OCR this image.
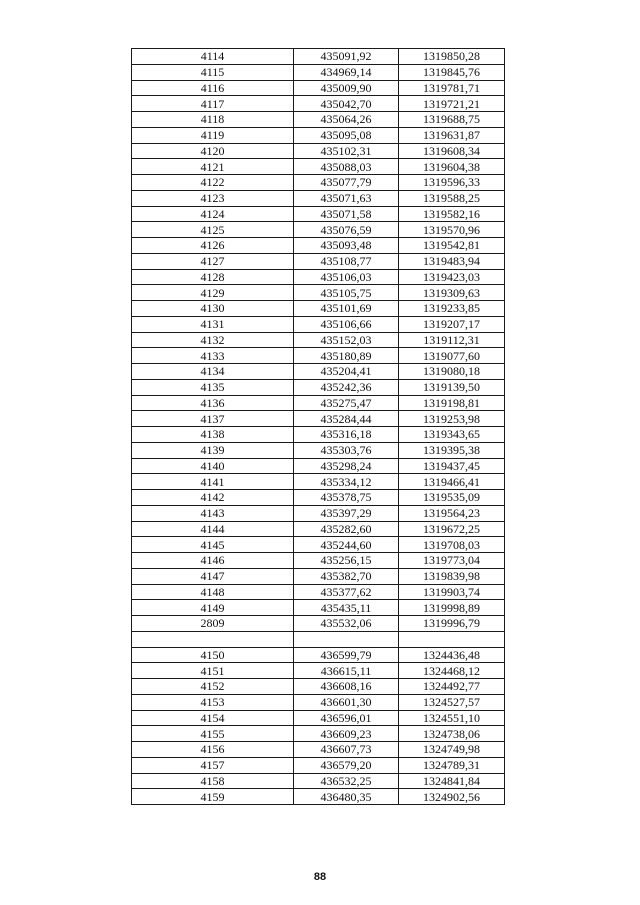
4114	435091,92	1319850,28
4115	434969,14	1319845,76
4116	435009,90	1319781,71
4117	435042,70	1319721,21
4118	435064,26	1319688,75
4119	435095,08	1319631,87
4120	435102,31	1319608,34
4121	435088,03	1319604,38
4122	435077,79	1319596,33
4123	435071,63	1319588,25
4124	435071,58	1319582,16
4125	435076,59	1319570,96
4126	435093,48	1319542,81
4127	435108,77	1319483,94
4128	435106,03	1319423,03
4129	435105,75	1319309,63
4130	435101,69	1319233,85
4131	435106,66	1319207,17
4132	435152,03	1319112,31
4133	435180,89	1319077,60
4134	435204,41	1319080,18
4135	435242,36	1319139,50
4136	435275,47	1319198,81
4137	435284,44	1319253,98
4138	435316,18	1319343,65
4139	435303,76	1319395,38
4140	435298,24	1319437,45
4141	435334,12	1319466,41
4142	435378,75	1319535,09
4143	435397,29	1319564,23
4144	435282,60	1319672,25
4145	435244,60	1319708,03
4146	435256,15	1319773,04
4147	435382,70	1319839,98
4148	435377,62	1319903,74
4149	435435,11	1319998,89
2809	435532,06	1319996,79

4150	436599,79	1324436,48
4151	436615,11	1324468,12
4152	436608,16	1324492,77
4153	436601,30	1324527,57
4154	436596,01	1324551,10
4155	436609,23	1324738,06
4156	436607,73	1324749,98
4157	436579,20	1324789,31
4158	436532,25	1324841,84
4159	436480,35	1324902,56
88
